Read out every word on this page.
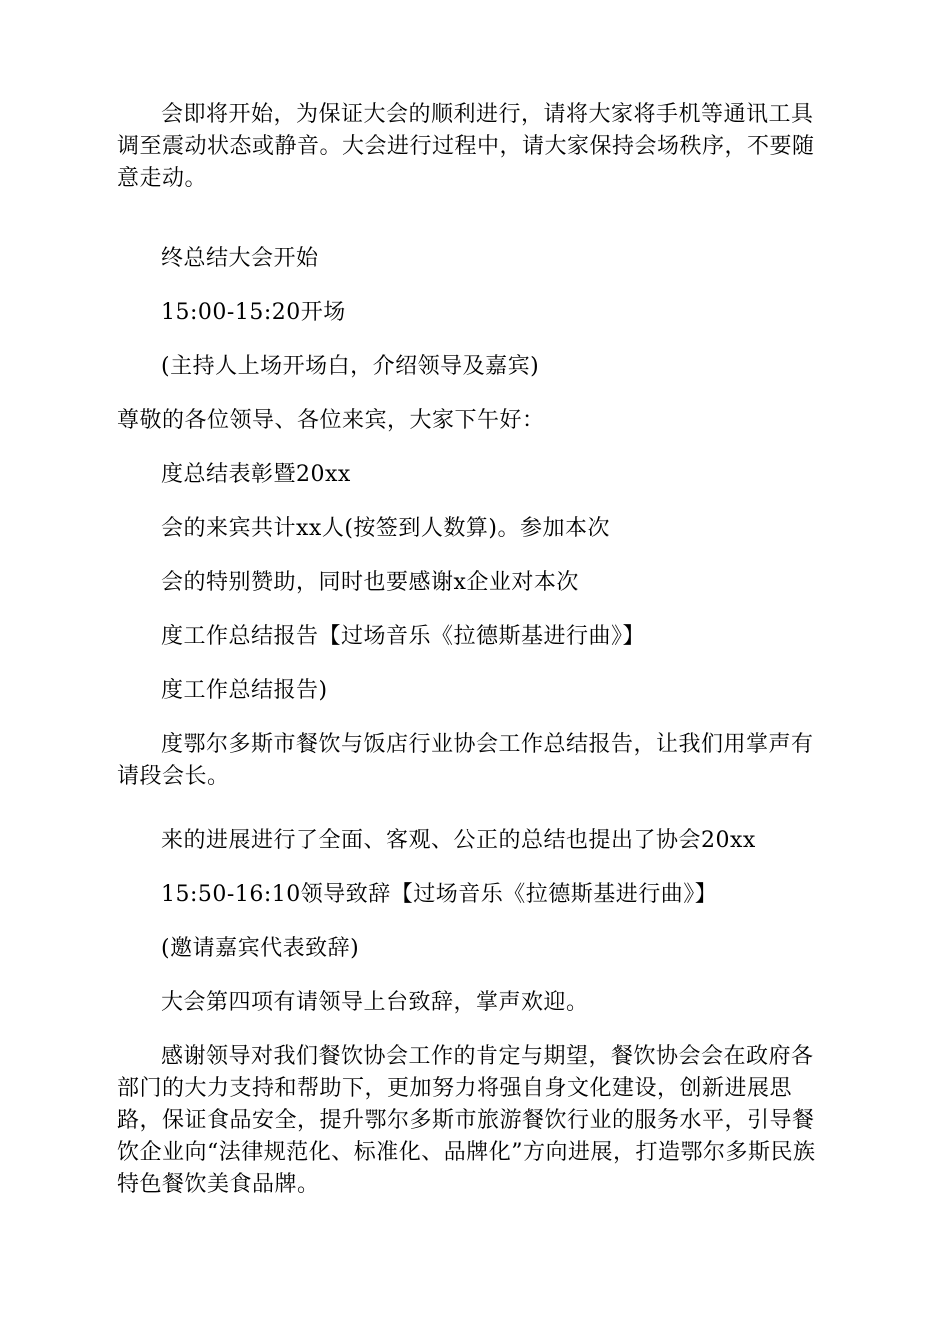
会即将开始，为保证大会的顺利进行，请将大家将手机等通讯工具调至震动状态或静音。大会进行过程中，请大家保持会场秩序，不要随意走动。

终总结大会开始

15:00-15:20开场

(主持人上场开场白，介绍领导及嘉宾)

尊敬的各位领导、各位来宾，大家下午好：

度总结表彰暨20xx

会的来宾共计xx人(按签到人数算)。参加本次

会的特别赞助，同时也要感谢x企业对本次

度工作总结报告【过场音乐《拉德斯基进行曲》】

度工作总结报告)

度鄂尔多斯市餐饮与饭店行业协会工作总结报告，让我们用掌声有请段会长。

来的进展进行了全面、客观、公正的总结也提出了协会20xx

15:50-16:10领导致辞【过场音乐《拉德斯基进行曲》】

(邀请嘉宾代表致辞)

大会第四项有请领导上台致辞，掌声欢迎。

感谢领导对我们餐饮协会工作的肯定与期望，餐饮协会会在政府各部门的大力支持和帮助下，更加努力将强自身文化建设，创新进展思路，保证食品安全，提升鄂尔多斯市旅游餐饮行业的服务水平，引导餐饮企业向“法律规范化、标准化、品牌化”方向进展，打造鄂尔多斯民族特色餐饮美食品牌。
